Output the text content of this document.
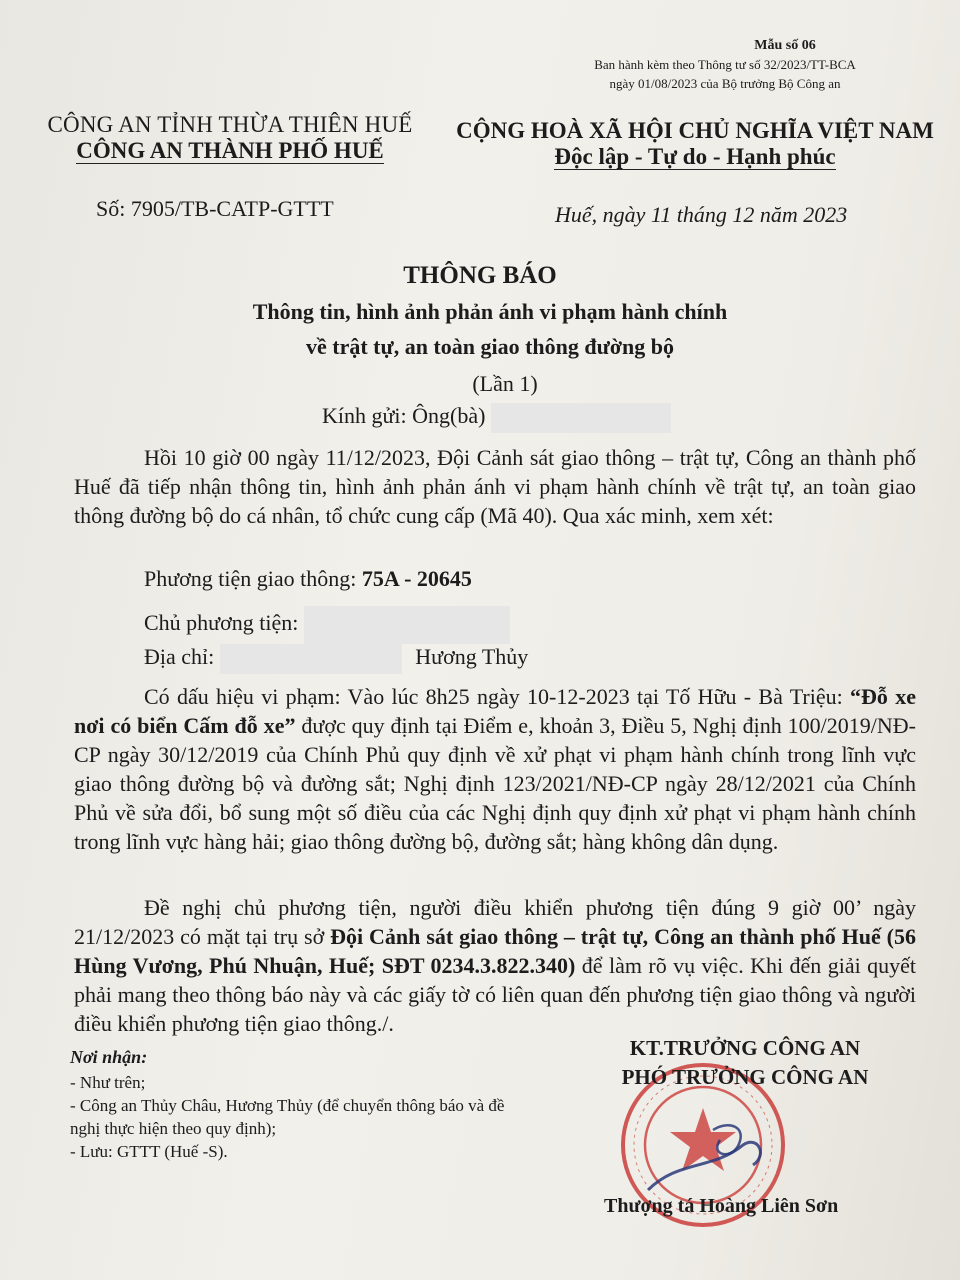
Mẫu số 06
Ban hành kèm theo Thông tư số 32/2023/TT-BCA
ngày 01/08/2023 của Bộ trưởng Bộ Công an
CÔNG AN TỈNH THỪA THIÊN HUẾ
CÔNG AN THÀNH PHỐ HUẾ
CỘNG HOÀ XÃ HỘI CHỦ NGHĨA VIỆT NAM
Độc lập - Tự do - Hạnh phúc
Số: 7905/TB-CATP-GTTT	Huế, ngày 11 tháng 12 năm 2023
THÔNG BÁO
Thông tin, hình ảnh phản ánh vi phạm hành chính
về trật tự, an toàn giao thông đường bộ
(Lần 1)
Kính gửi: Ông(bà)
Hồi 10 giờ 00 ngày 11/12/2023, Đội Cảnh sát giao thông – trật tự, Công an thành phố Huế đã tiếp nhận thông tin, hình ảnh phản ánh vi phạm hành chính về trật tự, an toàn giao thông đường bộ do cá nhân, tổ chức cung cấp (Mã 40). Qua xác minh, xem xét:
Phương tiện giao thông: 75A - 20645
Chủ phương tiện:
Địa chỉ:	Hương Thủy
Có dấu hiệu vi phạm: Vào lúc 8h25 ngày 10-12-2023 tại Tố Hữu - Bà Triệu: “Đỗ xe nơi có biển Cấm đỗ xe” được quy định tại Điểm e, khoản 3, Điều 5, Nghị định 100/2019/NĐ-CP ngày 30/12/2019 của Chính Phủ quy định về xử phạt vi phạm hành chính trong lĩnh vực giao thông đường bộ và đường sắt; Nghị định 123/2021/NĐ-CP ngày 28/12/2021 của Chính Phủ về sửa đổi, bổ sung một số điều của các Nghị định quy định xử phạt vi phạm hành chính trong lĩnh vực hàng hải; giao thông đường bộ, đường sắt; hàng không dân dụng.
Đề nghị chủ phương tiện, người điều khiển phương tiện đúng 9 giờ 00’ ngày 21/12/2023 có mặt tại trụ sở Đội Cảnh sát giao thông – trật tự, Công an thành phố Huế (56 Hùng Vương, Phú Nhuận, Huế; SĐT 0234.3.822.340) để làm rõ vụ việc. Khi đến giải quyết phải mang theo thông báo này và các giấy tờ có liên quan đến phương tiện giao thông và người điều khiển phương tiện giao thông./.
Nơi nhận:
- Như trên;
- Công an Thủy Châu, Hương Thủy (để chuyển thông báo và đề nghị thực hiện theo quy định);
- Lưu: GTTT (Huế -S).
KT.TRƯỞNG CÔNG AN
PHÓ TRƯỞNG CÔNG AN
Thượng tá Hoàng Liên Sơn
